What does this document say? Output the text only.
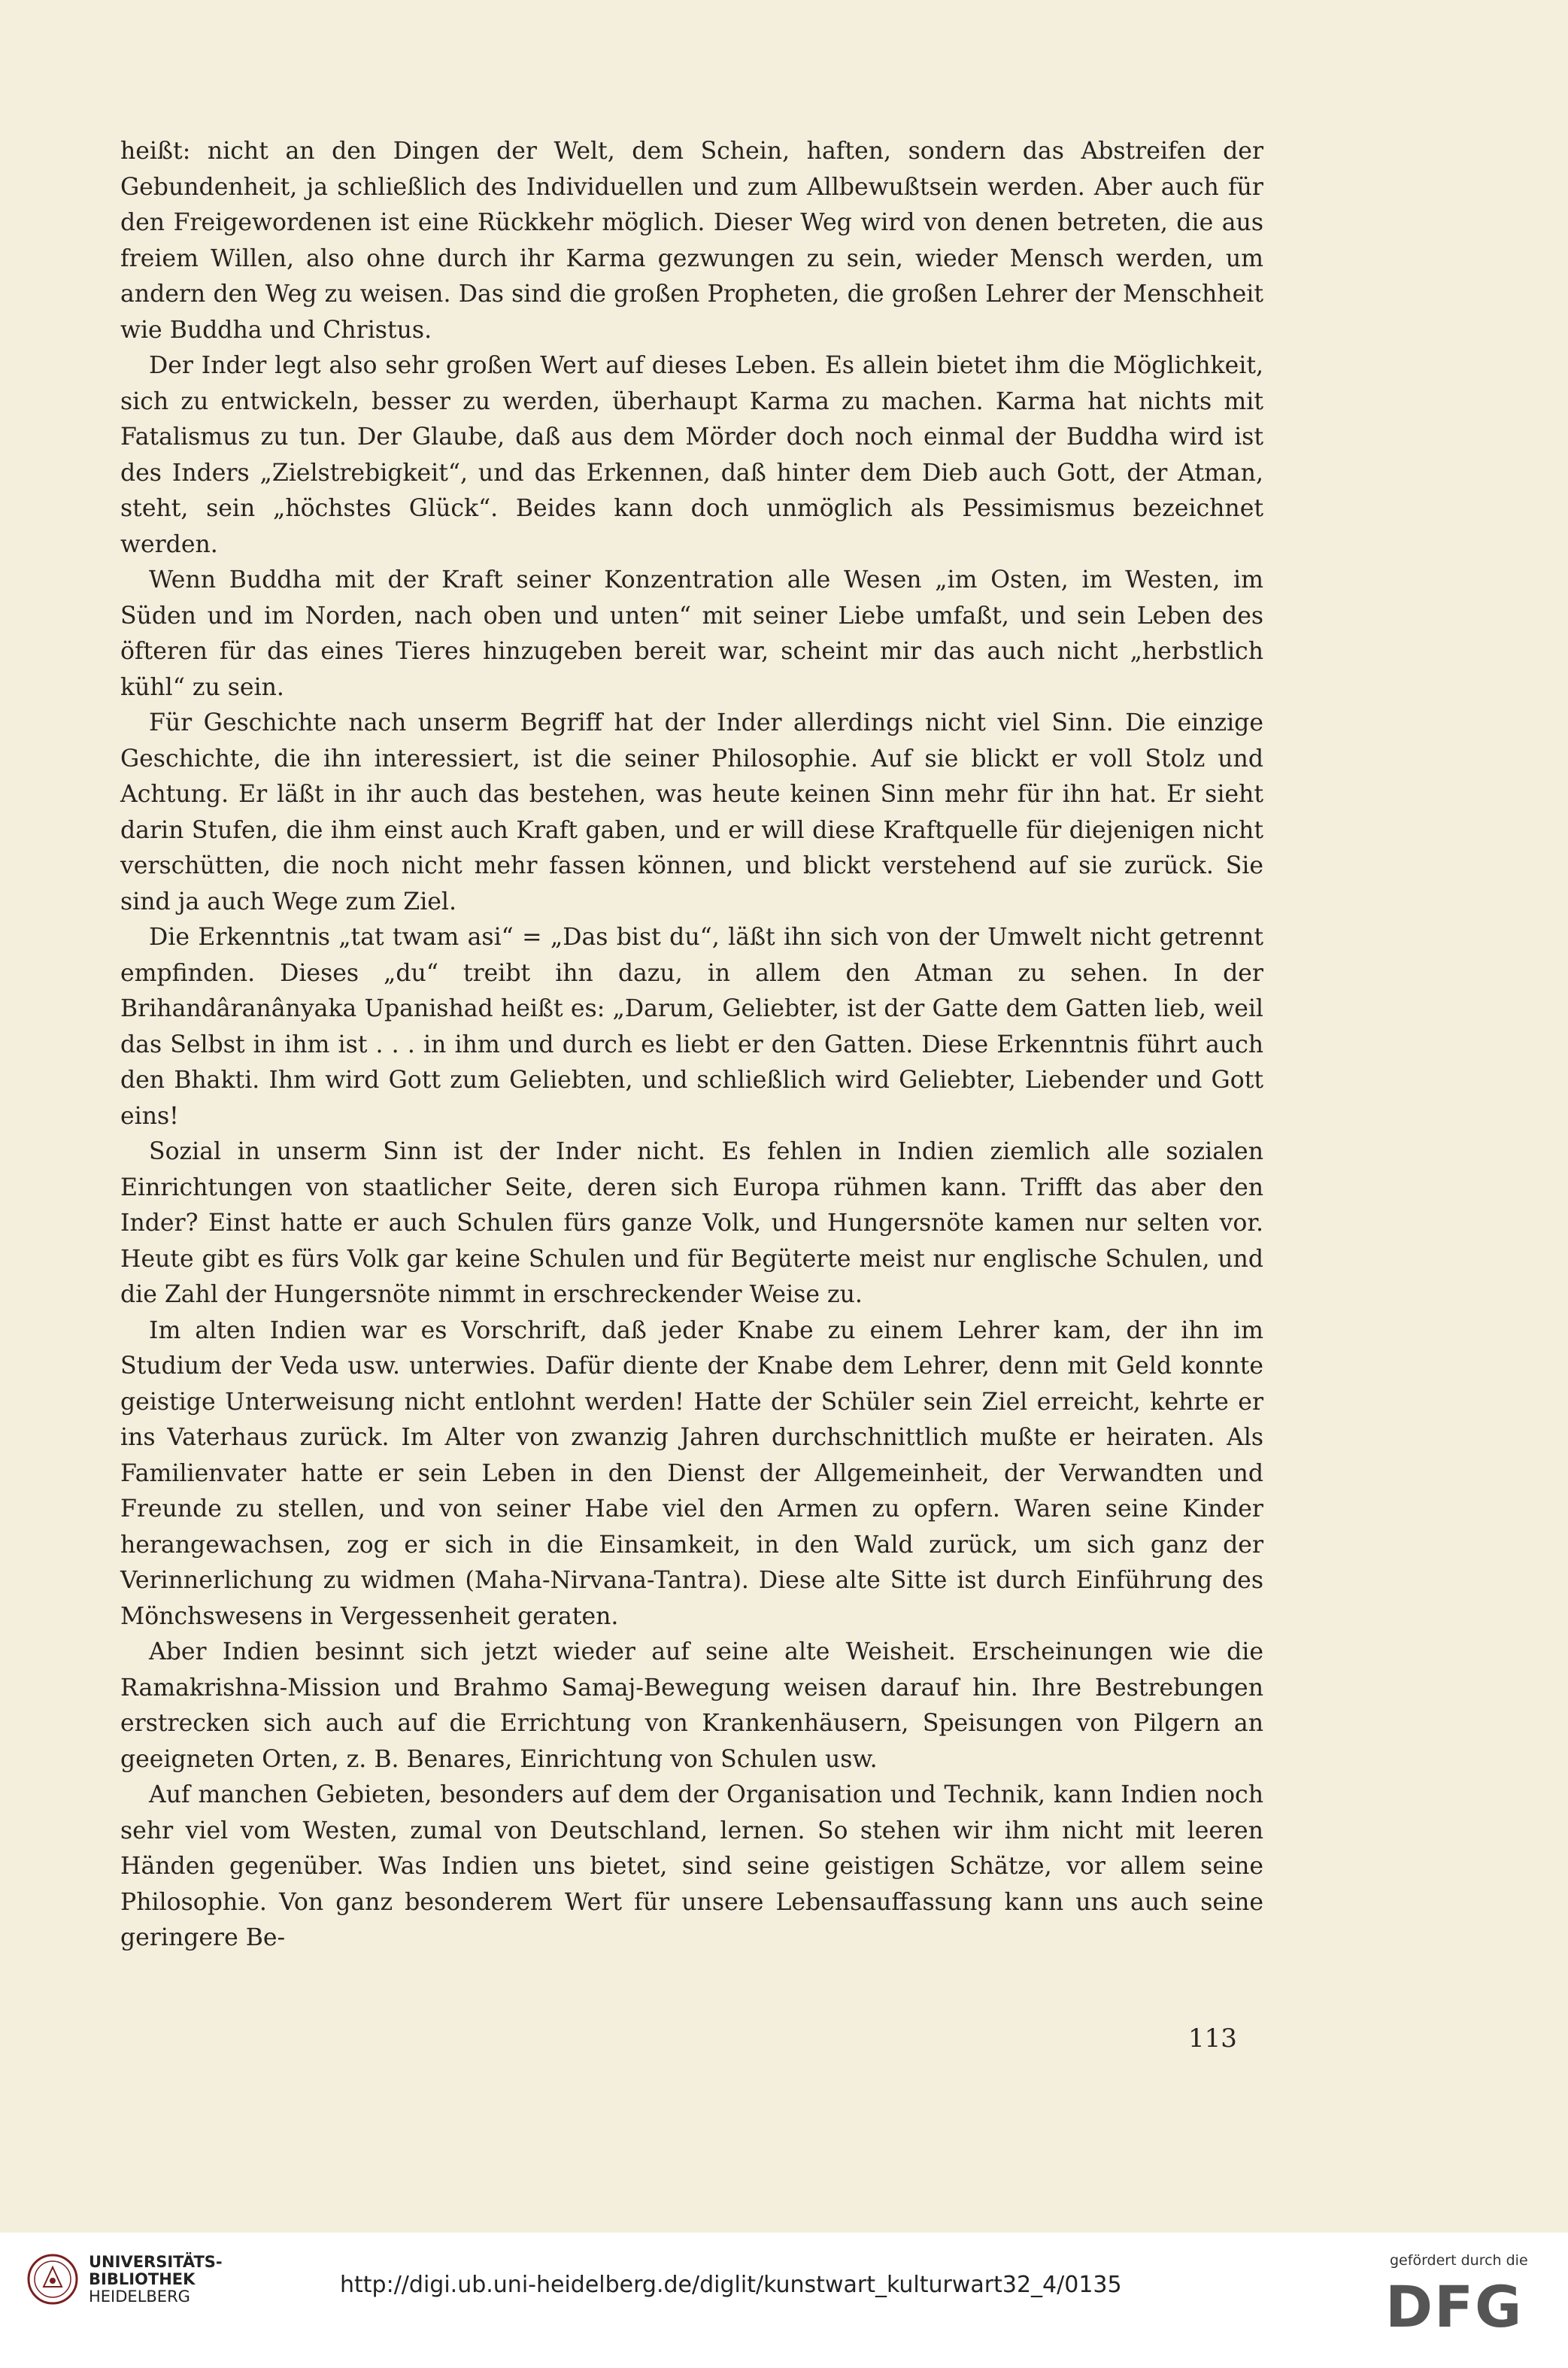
heißt: nicht an den Dingen der Welt, dem Schein, haften, sondern das Abstreifen der Gebundenheit, ja schließlich des Individuellen und zum Allbewußtsein werden. Aber auch für den Freigewordenen ist eine Rückkehr möglich. Dieser Weg wird von denen betreten, die aus freiem Willen, also ohne durch ihr Karma gezwungen zu sein, wieder Mensch werden, um andern den Weg zu weisen. Das sind die großen Propheten, die großen Lehrer der Menschheit wie Buddha und Christus.

Der Inder legt also sehr großen Wert auf dieses Leben. Es allein bietet ihm die Möglichkeit, sich zu entwickeln, besser zu werden, überhaupt Karma zu machen. Karma hat nichts mit Fatalismus zu tun. Der Glaube, daß aus dem Mörder doch noch einmal der Buddha wird ist des Inders „Zielstrebigkeit“, und das Erkennen, daß hinter dem Dieb auch Gott, der Atman, steht, sein „höchstes Glück“. Beides kann doch unmöglich als Pessimismus bezeichnet werden.

Wenn Buddha mit der Kraft seiner Konzentration alle Wesen „im Osten, im Westen, im Süden und im Norden, nach oben und unten“ mit seiner Liebe umfaßt, und sein Leben des öfteren für das eines Tieres hinzugeben bereit war, scheint mir das auch nicht „herbstlich kühl“ zu sein.

Für Geschichte nach unserm Begriff hat der Inder allerdings nicht viel Sinn. Die einzige Geschichte, die ihn interessiert, ist die seiner Philosophie. Auf sie blickt er voll Stolz und Achtung. Er läßt in ihr auch das bestehen, was heute keinen Sinn mehr für ihn hat. Er sieht darin Stufen, die ihm einst auch Kraft gaben, und er will diese Kraftquelle für diejenigen nicht verschütten, die noch nicht mehr fassen können, und blickt verstehend auf sie zurück. Sie sind ja auch Wege zum Ziel.

Die Erkenntnis „tat twam asi“ = „Das bist du“, läßt ihn sich von der Umwelt nicht getrennt empfinden. Dieses „du“ treibt ihn dazu, in allem den Atman zu sehen. In der Brihandâranânyaka Upanishad heißt es: „Darum, Geliebter, ist der Gatte dem Gatten lieb, weil das Selbst in ihm ist . . . in ihm und durch es liebt er den Gatten. Diese Erkenntnis führt auch den Bhakti. Ihm wird Gott zum Geliebten, und schließlich wird Geliebter, Liebender und Gott eins!

Sozial in unserm Sinn ist der Inder nicht. Es fehlen in Indien ziemlich alle sozialen Einrichtungen von staatlicher Seite, deren sich Europa rühmen kann. Trifft das aber den Inder? Einst hatte er auch Schulen fürs ganze Volk, und Hungersnöte kamen nur selten vor. Heute gibt es fürs Volk gar keine Schulen und für Begüterte meist nur englische Schulen, und die Zahl der Hungersnöte nimmt in erschreckender Weise zu.

Im alten Indien war es Vorschrift, daß jeder Knabe zu einem Lehrer kam, der ihn im Studium der Veda usw. unterwies. Dafür diente der Knabe dem Lehrer, denn mit Geld konnte geistige Unterweisung nicht entlohnt werden! Hatte der Schüler sein Ziel erreicht, kehrte er ins Vaterhaus zurück. Im Alter von zwanzig Jahren durchschnittlich mußte er heiraten. Als Familienvater hatte er sein Leben in den Dienst der Allgemeinheit, der Verwandten und Freunde zu stellen, und von seiner Habe viel den Armen zu opfern. Waren seine Kinder herangewachsen, zog er sich in die Einsamkeit, in den Wald zurück, um sich ganz der Verinnerlichung zu widmen (Maha-Nirvana-Tantra). Diese alte Sitte ist durch Einführung des Mönchswesens in Vergessenheit geraten.

Aber Indien besinnt sich jetzt wieder auf seine alte Weisheit. Erscheinungen wie die Ramakrishna-Mission und Brahmo Samaj-Bewegung weisen darauf hin. Ihre Bestrebungen erstrecken sich auch auf die Errichtung von Krankenhäusern, Speisungen von Pilgern an geeigneten Orten, z. B. Benares, Einrichtung von Schulen usw.

Auf manchen Gebieten, besonders auf dem der Organisation und Technik, kann Indien noch sehr viel vom Westen, zumal von Deutschland, lernen. So stehen wir ihm nicht mit leeren Händen gegenüber. Was Indien uns bietet, sind seine geistigen Schätze, vor allem seine Philosophie. Von ganz besonderem Wert für unsere Lebensauffassung kann uns auch seine geringere Be-

113
UNIVERSITÄTS-
BIBLIOTHEK
HEIDELBERG	http://digi.ub.uni-heidelberg.de/diglit/kunstwart_kulturwart32_4/0135
gefördert durch die
DFG
